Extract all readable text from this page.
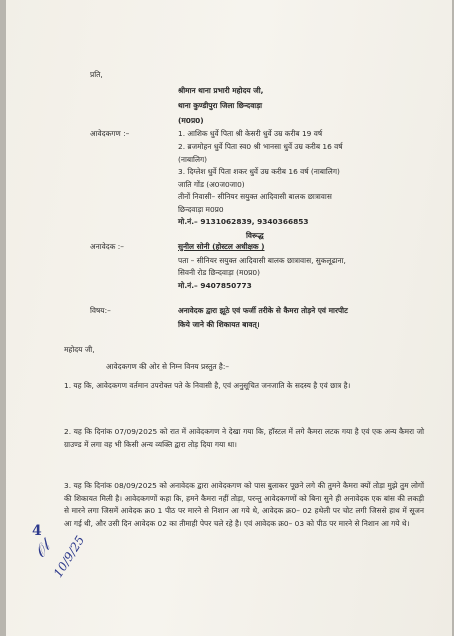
प्रति,
श्रीमान थाना प्रभारी महोदय जी,
थाना कुण्डीपुरा जिला छिन्दवाड़ा
(म0प्र0)
आवेदकगण :–	1. आशिक धुर्वे पिता श्री केसरी धुर्वे उम्र करीब 19 वर्ष
2. ब्रजमोहन धुर्वे पिता स्व0 श्री भानसा धुर्वे उम्र करीब 16 वर्ष
(नाबालिग)
3. दिग्लेश धुर्वे पिता शकर धुर्वे उम्र करीब 16 वर्ष (नाबालिग)
जाति गोंड (अ0ज0जा0)
तीनों निवासी– सीनियर सयुक्त आदिवासी बालक छात्रावास
छिन्दवाड़ा म0प्र0
मो.नं.– 9131062839, 9340366853
विरूद्ध
अनावेदक :–	सुनील सोनी (होस्टल अधीक्षक )
पता – सीनियर सयुक्त आदिवासी बालक छात्रावास, सुकलूढाना,
सिवनी रोड छिन्दवाड़ा (म0प्र0)
मो.नं.– 9407850773
विषय:–	अनावेदक द्वारा झूठे एवं फर्जी तरीके से कैमरा तोड़ने एवं मारपीट
किये जाने की शिकायत बावत्।
महोदय जी,
आवेदकगण की ओर से निम्न विनय प्रस्तुत है:–
1. यह कि, आवेदकगण वर्तमान उपरोक्त पते के निवासी है, एवं अनुसूचित जनजाति के सदस्य है एवं छात्र है।
2. यह कि दिनांक 07/09/2025 को रात में आवेदकगण ने देखा गया कि, हॉस्टल में लगे कैमरा लटक गया है एवं एक अन्य कैमरा जो ग्राउण्ड में लगा वह भी किसी अन्य व्यक्ति द्वारा तोड़ दिया गया था।
3. यह कि दिनांक 08/09/2025 को अनावेदक द्वारा आवेदकगण को पास बुलाकर पूछने लगे की तुमने कैमरा क्यों तोड़ा मुझे तुम लोगों की शिकायत मिली है। आवेदकगणों कहा कि, हमने कैमरा नहीं तोड़ा, परन्तु आवेदकगणों को बिना सुने ही अनावेदक एक बांस की लकड़ी से मारने लगा जिसमें आवेदक क्र0 1 पीठ पर मारने से निशान आ गये थे, आवेदक क्र0– 02 हथेली पर चोट लगी जिससे हाथ में सूजन आ गई थी, और उसी दिन आवेदक 02 का तीमाही पेपर चले रहे है। एवं आवेदक क्र0– 03 को पीठ पर मारने से निशान आ गये थे।
4
𝒪𝓁
10/9/25
